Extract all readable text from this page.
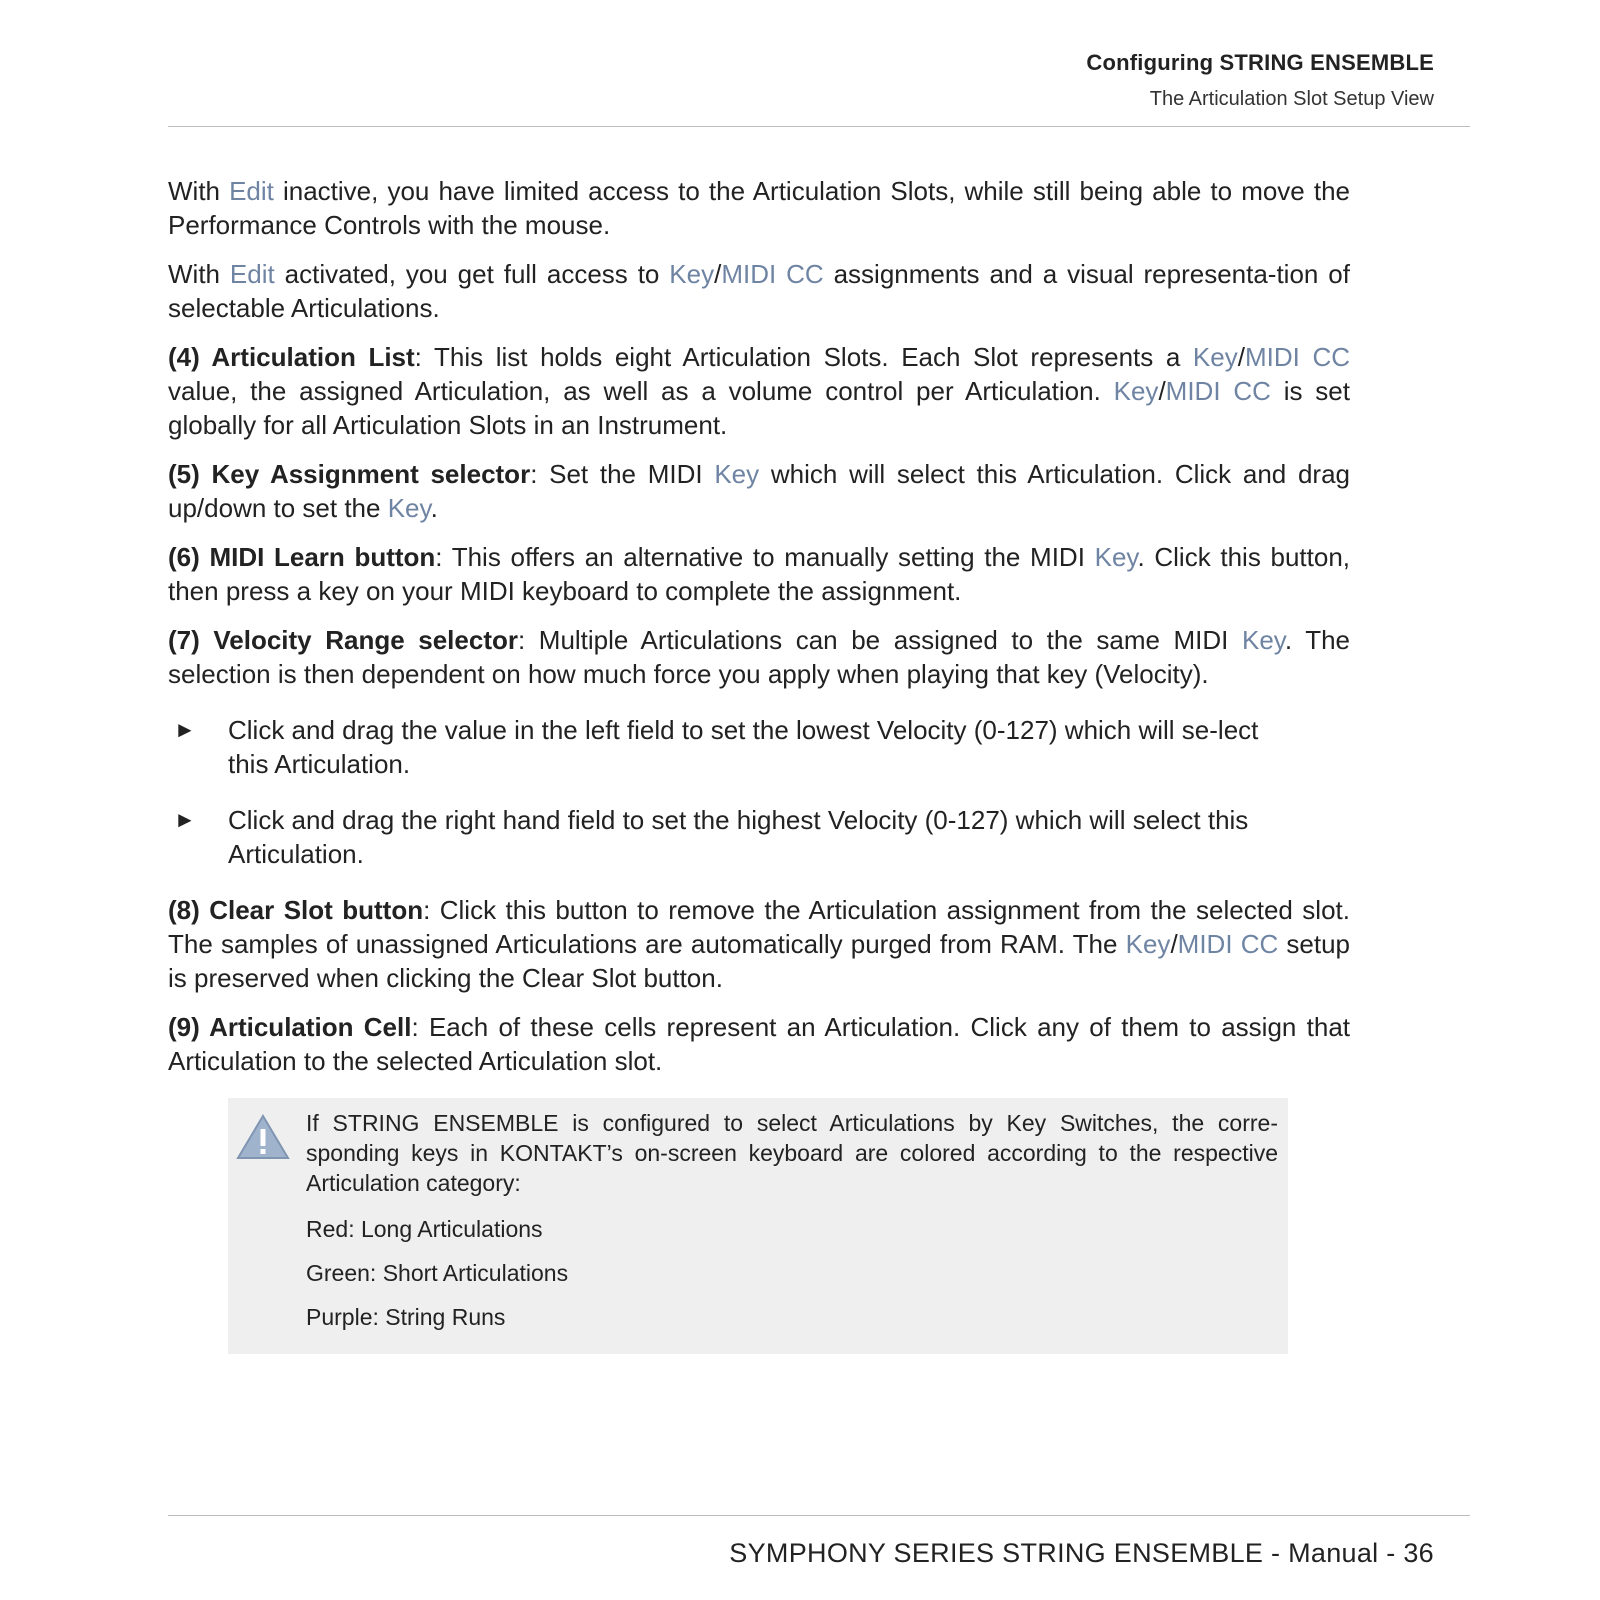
Configuring STRING ENSEMBLE
The Articulation Slot Setup View

With Edit inactive, you have limited access to the Articulation Slots, while still being able to move the Performance Controls with the mouse.

With Edit activated, you get full access to Key/MIDI CC assignments and a visual representa-tion of selectable Articulations.

(4) Articulation List: This list holds eight Articulation Slots. Each Slot represents a Key/MIDI CC value, the assigned Articulation, as well as a volume control per Articulation. Key/MIDI CC is set globally for all Articulation Slots in an Instrument.

(5) Key Assignment selector: Set the MIDI Key which will select this Articulation. Click and drag up/down to set the Key.

(6) MIDI Learn button: This offers an alternative to manually setting the MIDI Key. Click this button, then press a key on your MIDI keyboard to complete the assignment.

(7) Velocity Range selector: Multiple Articulations can be assigned to the same MIDI Key. The selection is then dependent on how much force you apply when playing that key (Velocity).

► Click and drag the value in the left field to set the lowest Velocity (0-127) which will se-lect this Articulation.
► Click and drag the right hand field to set the highest Velocity (0-127) which will select this Articulation.

(8) Clear Slot button: Click this button to remove the Articulation assignment from the selected slot. The samples of unassigned Articulations are automatically purged from RAM. The Key/MIDI CC setup is preserved when clicking the Clear Slot button.

(9) Articulation Cell: Each of these cells represent an Articulation. Click any of them to assign that Articulation to the selected Articulation slot.

If STRING ENSEMBLE is configured to select Articulations by Key Switches, the corre-sponding keys in KONTAKT’s on-screen keyboard are colored according to the respective Articulation category:

Red: Long Articulations

Green: Short Articulations

Purple: String Runs

SYMPHONY SERIES STRING ENSEMBLE - Manual - 36
